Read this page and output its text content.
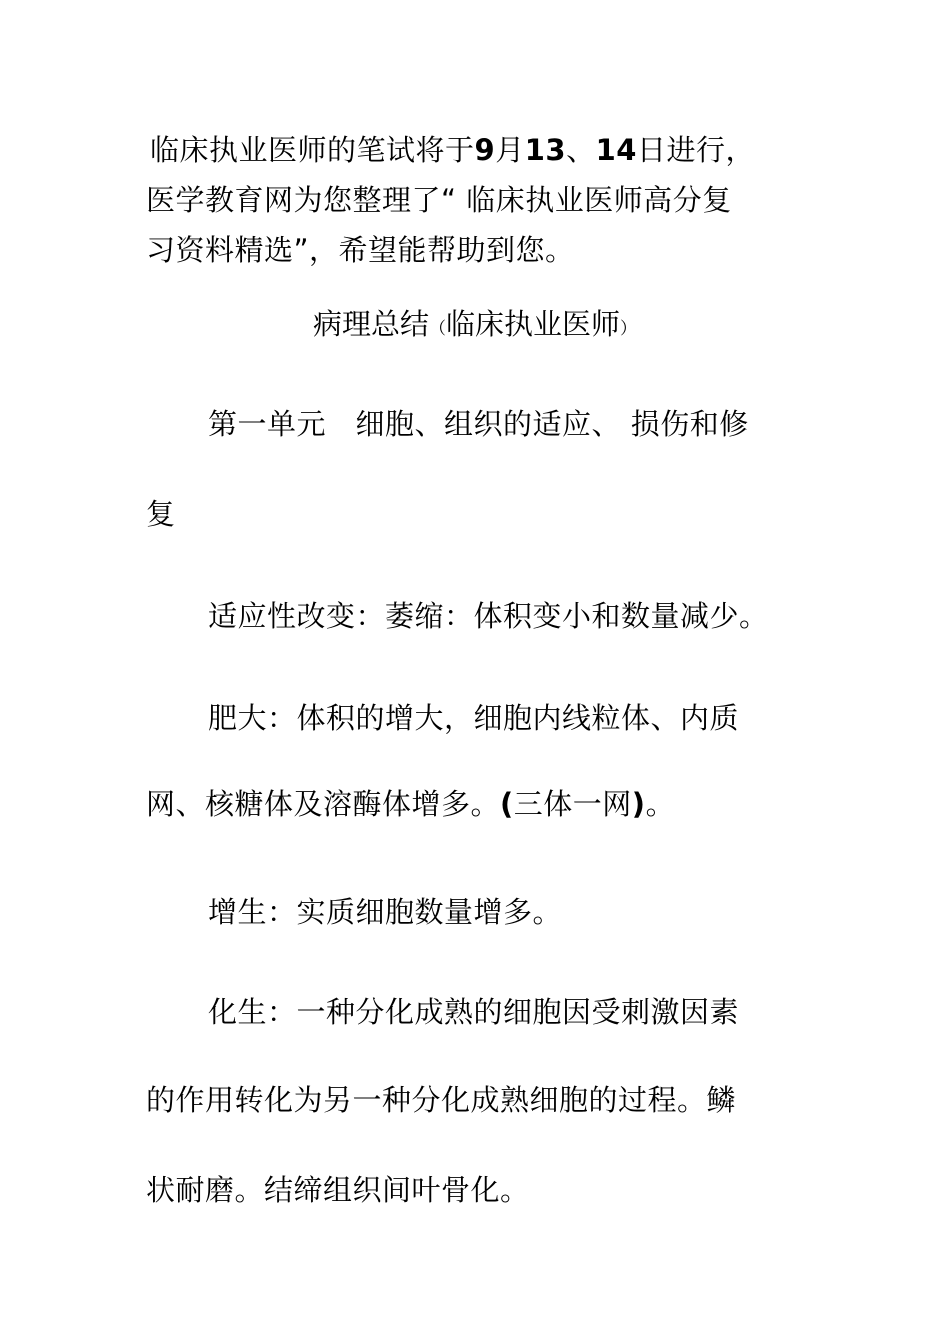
临床执业医师的笔试将于9月13、14日进行，
医学教育网为您整理了“ 临床执业医师高分复
习资料精选”，希望能帮助到您。
病理总结（临床执业医师）
第一单元　细胞、组织的适应、 损伤和修
复
适应性改变：萎缩：体积变小和数量减少。
肥大：体积的增大，细胞内线粒体、内质
网、核糖体及溶酶体增多。(三体一网)。
增生：实质细胞数量增多。
化生：一种分化成熟的细胞因受刺激因素
的作用转化为另一种分化成熟细胞的过程。鳞
状耐磨。结缔组织间叶骨化。
